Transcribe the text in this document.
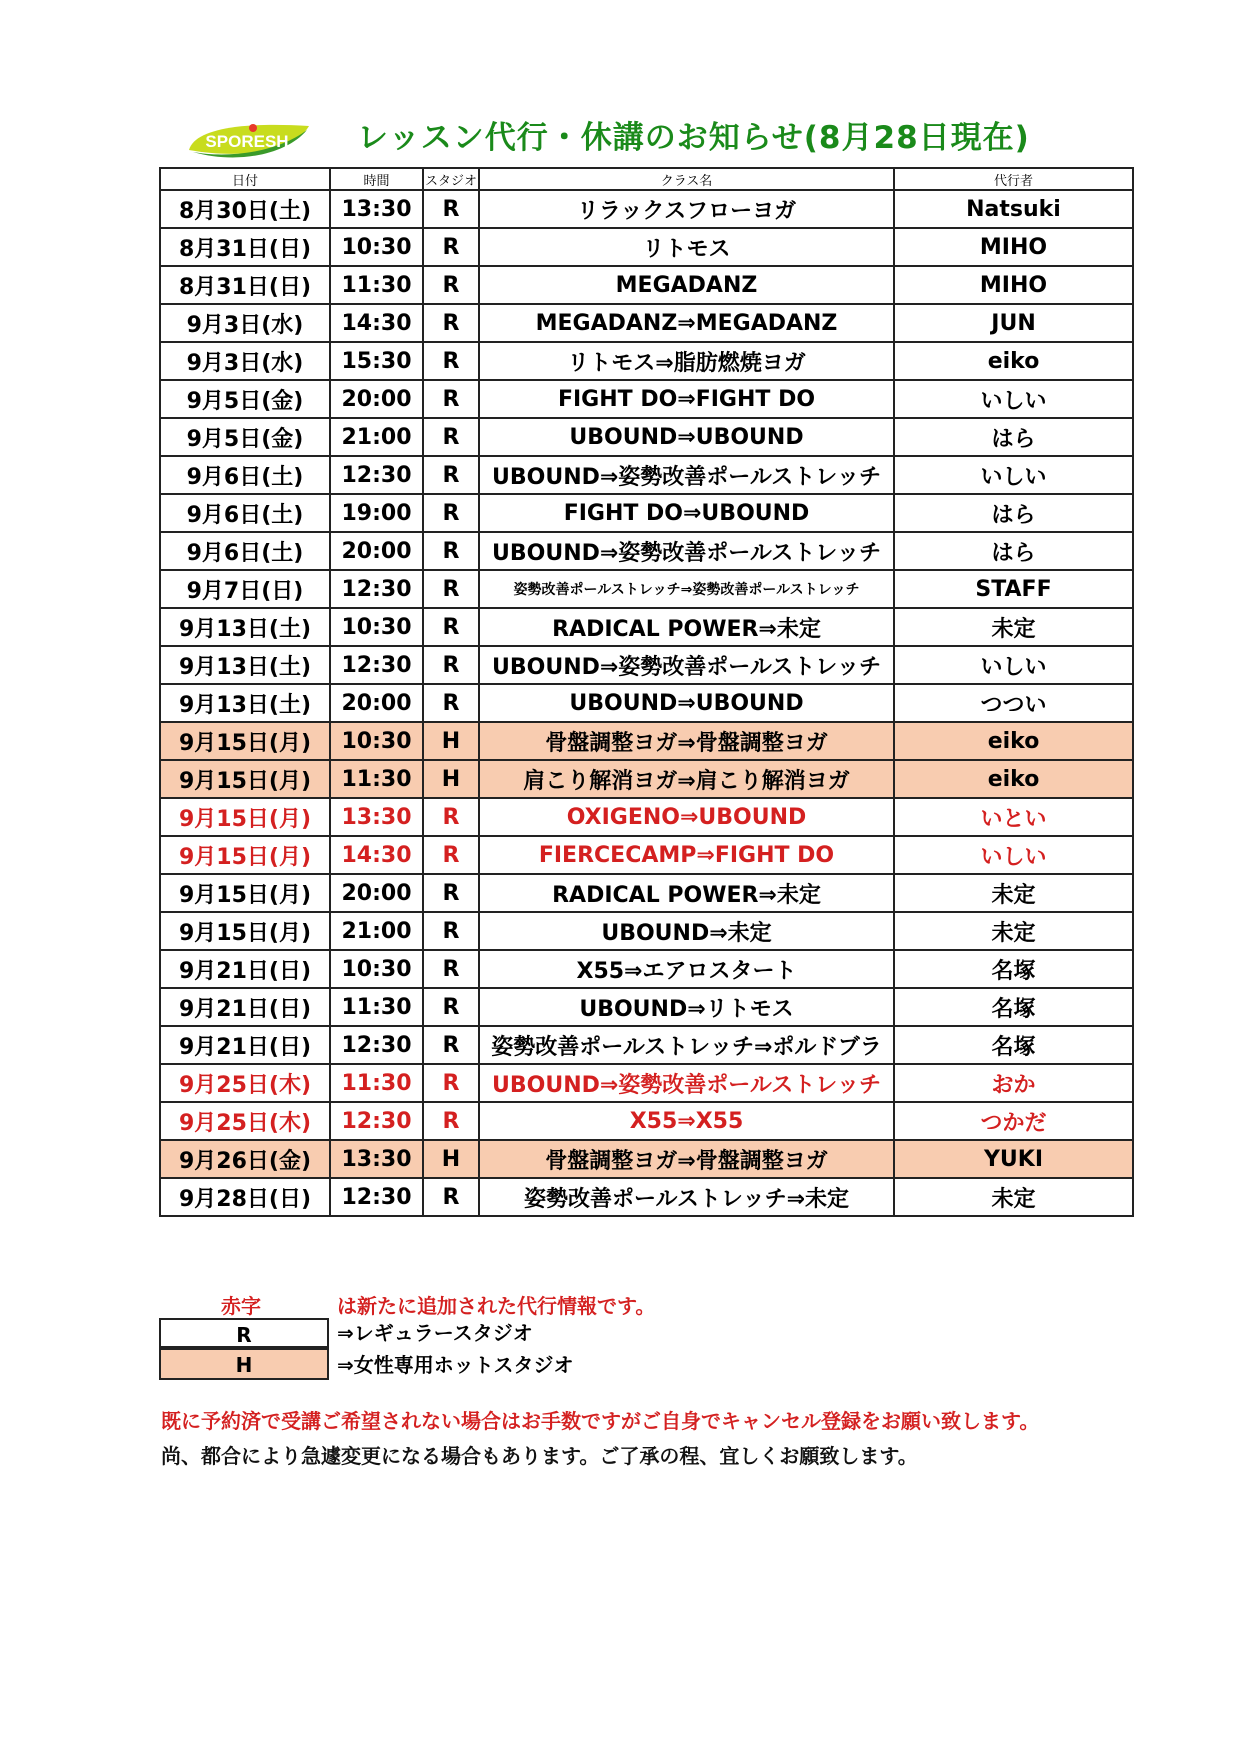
SPORESH レッスン代行・休講のお知らせ(8月28日現在)
日付	時間	スタジオ	クラス名	代行者
8月30日(土)	13:30	R	リラックスフローヨガ	Natsuki
8月31日(日)	10:30	R	リトモス	MIHO
8月31日(日)	11:30	R	MEGADANZ	MIHO
9月3日(水)	14:30	R	MEGADANZ⇒MEGADANZ	JUN
9月3日(水)	15:30	R	リトモス⇒脂肪燃焼ヨガ	eiko
9月5日(金)	20:00	R	FIGHT DO⇒FIGHT DO	いしい
9月5日(金)	21:00	R	UBOUND⇒UBOUND	はら
9月6日(土)	12:30	R	UBOUND⇒姿勢改善ポールストレッチ	いしい
9月6日(土)	19:00	R	FIGHT DO⇒UBOUND	はら
9月6日(土)	20:00	R	UBOUND⇒姿勢改善ポールストレッチ	はら
9月7日(日)	12:30	R	姿勢改善ポールストレッチ⇒姿勢改善ポールストレッチ	STAFF
9月13日(土)	10:30	R	RADICAL POWER⇒未定	未定
9月13日(土)	12:30	R	UBOUND⇒姿勢改善ポールストレッチ	いしい
9月13日(土)	20:00	R	UBOUND⇒UBOUND	つつい
9月15日(月)	10:30	H	骨盤調整ヨガ⇒骨盤調整ヨガ	eiko
9月15日(月)	11:30	H	肩こり解消ヨガ⇒肩こり解消ヨガ	eiko
9月15日(月)	13:30	R	OXIGENO⇒UBOUND	いとい
9月15日(月)	14:30	R	FIERCECAMP⇒FIGHT DO	いしい
9月15日(月)	20:00	R	RADICAL POWER⇒未定	未定
9月15日(月)	21:00	R	UBOUND⇒未定	未定
9月21日(日)	10:30	R	X55⇒エアロスタート	名塚
9月21日(日)	11:30	R	UBOUND⇒リトモス	名塚
9月21日(日)	12:30	R	姿勢改善ポールストレッチ⇒ポルドブラ	名塚
9月25日(木)	11:30	R	UBOUND⇒姿勢改善ポールストレッチ	おか
9月25日(木)	12:30	R	X55⇒X55	つかだ
9月26日(金)	13:30	H	骨盤調整ヨガ⇒骨盤調整ヨガ	YUKI
9月28日(日)	12:30	R	姿勢改善ポールストレッチ⇒未定	未定
赤字	は新たに追加された代行情報です。
R	⇒レギュラースタジオ
H	⇒女性専用ホットスタジオ
既に予約済で受講ご希望されない場合はお手数ですがご自身でキャンセル登録をお願い致します。
尚、都合により急遽変更になる場合もあります。ご了承の程、宜しくお願致します。
